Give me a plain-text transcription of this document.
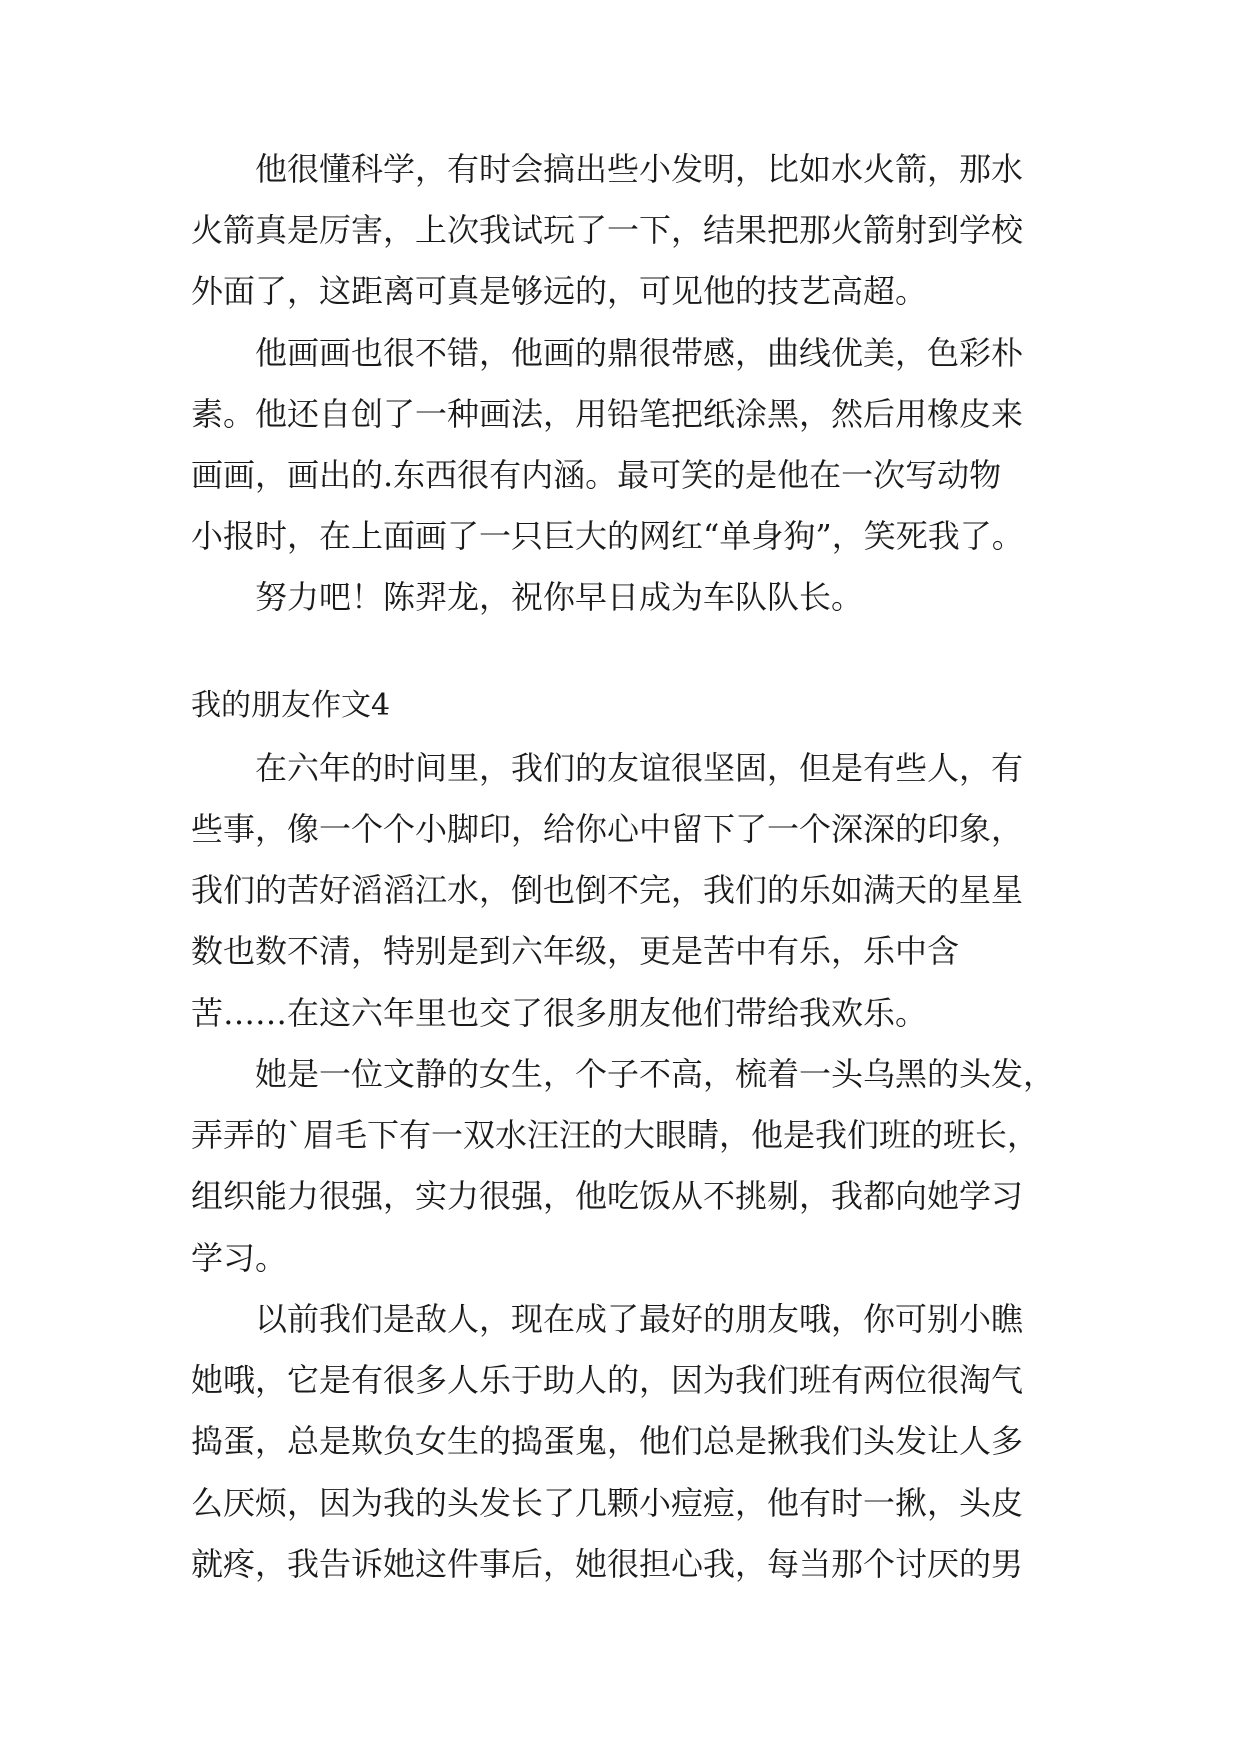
他很懂科学，有时会搞出些小发明，比如水火箭，那水
火箭真是厉害，上次我试玩了一下，结果把那火箭射到学校
外面了，这距离可真是够远的，可见他的技艺高超。
他画画也很不错，他画的鼎很带感，曲线优美，色彩朴
素。他还自创了一种画法，用铅笔把纸涂黑，然后用橡皮来
画画，画出的.东西很有内涵。最可笑的是他在一次写动物
小报时，在上面画了一只巨大的网红“单身狗”，笑死我了。
努力吧！陈羿龙，祝你早日成为车队队长。
我的朋友作文4
在六年的时间里，我们的友谊很坚固，但是有些人，有
些事，像一个个小脚印，给你心中留下了一个深深的印象，
我们的苦好滔滔江水，倒也倒不完，我们的乐如满天的星星
数也数不清，特别是到六年级，更是苦中有乐，乐中含
苦……在这六年里也交了很多朋友他们带给我欢乐。
她是一位文静的女生，个子不高，梳着一头乌黑的头发，
弄弄的`眉毛下有一双水汪汪的大眼睛，他是我们班的班长，
组织能力很强，实力很强，他吃饭从不挑剔，我都向她学习
学习。
以前我们是敌人，现在成了最好的朋友哦，你可别小瞧
她哦，它是有很多人乐于助人的，因为我们班有两位很淘气
捣蛋，总是欺负女生的捣蛋鬼，他们总是揪我们头发让人多
么厌烦，因为我的头发长了几颗小痘痘，他有时一揪，头皮
就疼，我告诉她这件事后，她很担心我，每当那个讨厌的男
